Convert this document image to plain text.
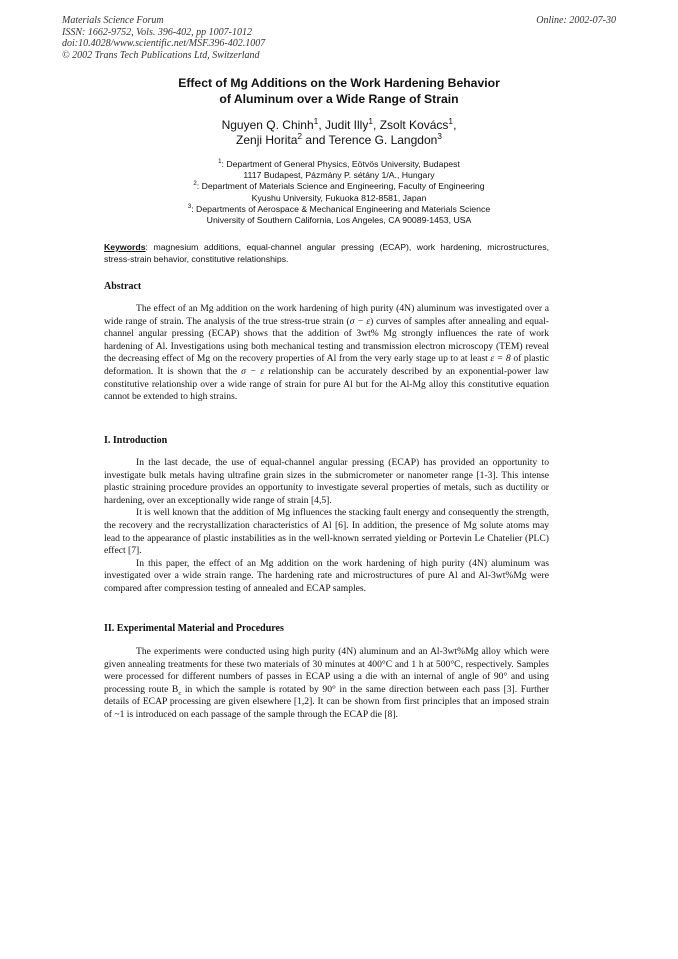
Materials Science Forum
ISSN: 1662-9752, Vols. 396-402, pp 1007-1012
doi:10.4028/www.scientific.net/MSF.396-402.1007
© 2002 Trans Tech Publications Ltd, Switzerland
Online: 2002-07-30
Effect of Mg Additions on the Work Hardening Behavior
of Aluminum over a Wide Range of Strain
Nguyen Q. Chinh$^1$, Judit Illy$^1$, Zsolt Kovács$^1$,
Zenji Horita$^2$ and Terence G. Langdon$^3$
$^1$: Department of General Physics, Eötvös University, Budapest
1117 Budapest, Pázmány P. sétány 1/A., Hungary
$^2$: Department of Materials Science and Engineering, Faculty of Engineering
Kyushu University, Fukuoka 812-8581, Japan
$^3$: Departments of Aerospace & Mechanical Engineering and Materials Science
University of Southern California, Los Angeles, CA 90089-1453, USA
Keywords: magnesium additions, equal-channel angular pressing (ECAP), work hardening, microstructures, stress-strain behavior, constitutive relationships.
Abstract

The effect of an Mg addition on the work hardening of high purity (4N) aluminum was investigated over a wide range of strain. The analysis of the true stress-true strain (σ − ε) curves of samples after annealing and equal-channel angular pressing (ECAP) shows that the addition of 3wt% Mg strongly influences the rate of work hardening of Al. Investigations using both mechanical testing and transmission electron microscopy (TEM) reveal the decreasing effect of Mg on the recovery properties of Al from the very early stage up to at least ε = 8 of plastic deformation. It is shown that the σ − ε relationship can be accurately described by an exponential-power law constitutive relationship over a wide range of strain for pure Al but for the Al-Mg alloy this constitutive equation cannot be extended to high strains.

I. Introduction

In the last decade, the use of equal-channel angular pressing (ECAP) has provided an opportunity to investigate bulk metals having ultrafine grain sizes in the submicrometer or nanometer range [1-3]. This intense plastic straining procedure provides an opportunity to investigate several properties of metals, such as ductility or hardening, over an exceptionally wide range of strain [4,5].

It is well known that the addition of Mg influences the stacking fault energy and consequently the strength, the recovery and the recrystallization characteristics of Al [6]. In addition, the presence of Mg solute atoms may lead to the appearance of plastic instabilities as in the well-known serrated yielding or Portevin Le Chatelier (PLC) effect [7].

In this paper, the effect of an Mg addition on the work hardening of high purity (4N) aluminum was investigated over a wide strain range. The hardening rate and microstructures of pure Al and Al-3wt%Mg were compared after compression testing of annealed and ECAP samples.

II. Experimental Material and Procedures

The experiments were conducted using high purity (4N) aluminum and an Al-3wt%Mg alloy which were given annealing treatments for these two materials of 30 minutes at 400°C and 1 h at 500°C, respectively. Samples were processed for different numbers of passes in ECAP using a die with an internal of angle of 90° and using processing route $B_c$ in which the sample is rotated by 90° in the same direction between each pass [3]. Further details of ECAP processing are given elsewhere [1,2]. It can be shown from first principles that an imposed strain of ~1 is introduced on each passage of the sample through the ECAP die [8].
